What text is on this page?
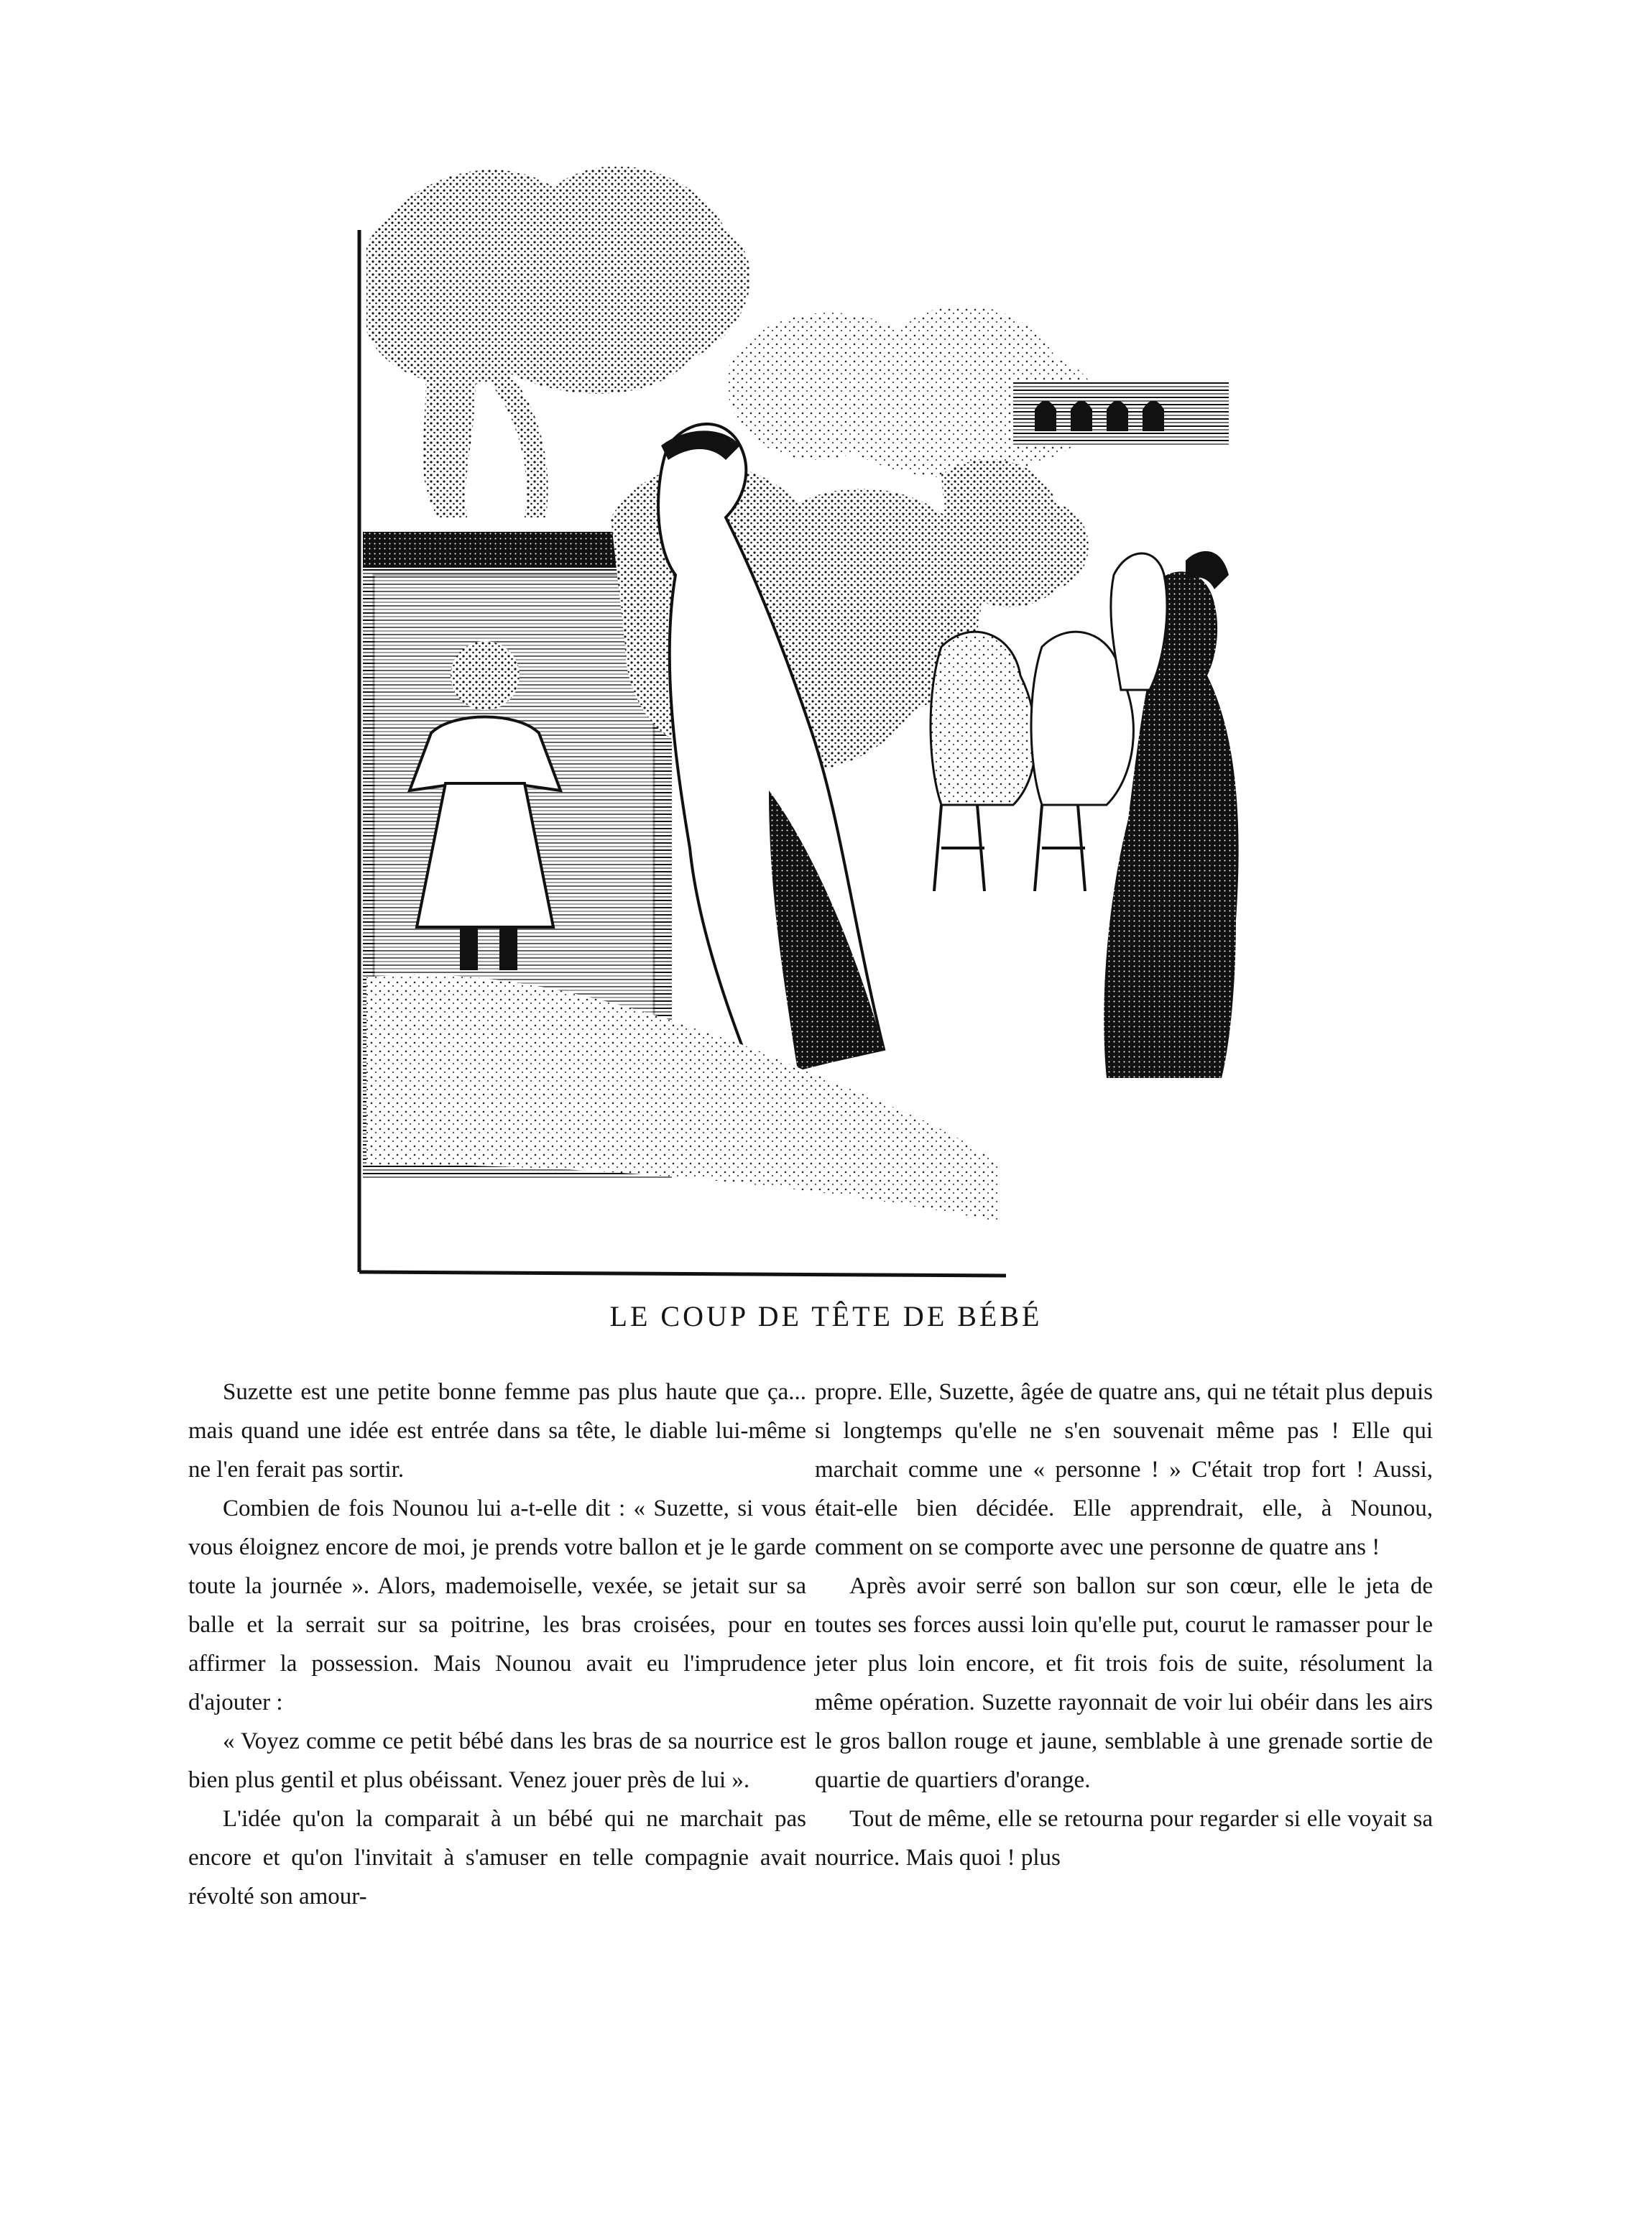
LE COUP DE TÊTE DE BÉBÉ

Suzette est une petite bonne femme pas plus haute que ça... mais quand une idée est entrée dans sa tête, le diable lui-même ne l'en ferait pas sortir.

Combien de fois Nounou lui a-t-elle dit : « Suzette, si vous vous éloignez encore de moi, je prends votre ballon et je le garde toute la journée ». Alors, mademoiselle, vexée, se jetait sur sa balle et la serrait sur sa poitrine, les bras croisées, pour en affirmer la possession. Mais Nounou avait eu l'imprudence d'ajouter :

« Voyez comme ce petit bébé dans les bras de sa nourrice est bien plus gentil et plus obéissant. Venez jouer près de lui ».

L'idée qu'on la comparait à un bébé qui ne marchait pas encore et qu'on l'invitait à s'amuser en telle compagnie avait révolté son amour-

propre. Elle, Suzette, âgée de quatre ans, qui ne tétait plus depuis si longtemps qu'elle ne s'en souvenait même pas ! Elle qui marchait comme une « personne ! » C'était trop fort ! Aussi, était-elle bien décidée. Elle apprendrait, elle, à Nounou, comment on se comporte avec une personne de quatre ans !

Après avoir serré son ballon sur son cœur, elle le jeta de toutes ses forces aussi loin qu'elle put, courut le ramasser pour le jeter plus loin encore, et fit trois fois de suite, résolument la même opération. Suzette rayonnait de voir lui obéir dans les airs le gros ballon rouge et jaune, semblable à une grenade sortie de quartie de quartiers d'orange.

Tout de même, elle se retourna pour regarder si elle voyait sa nourrice. Mais quoi ! plus
